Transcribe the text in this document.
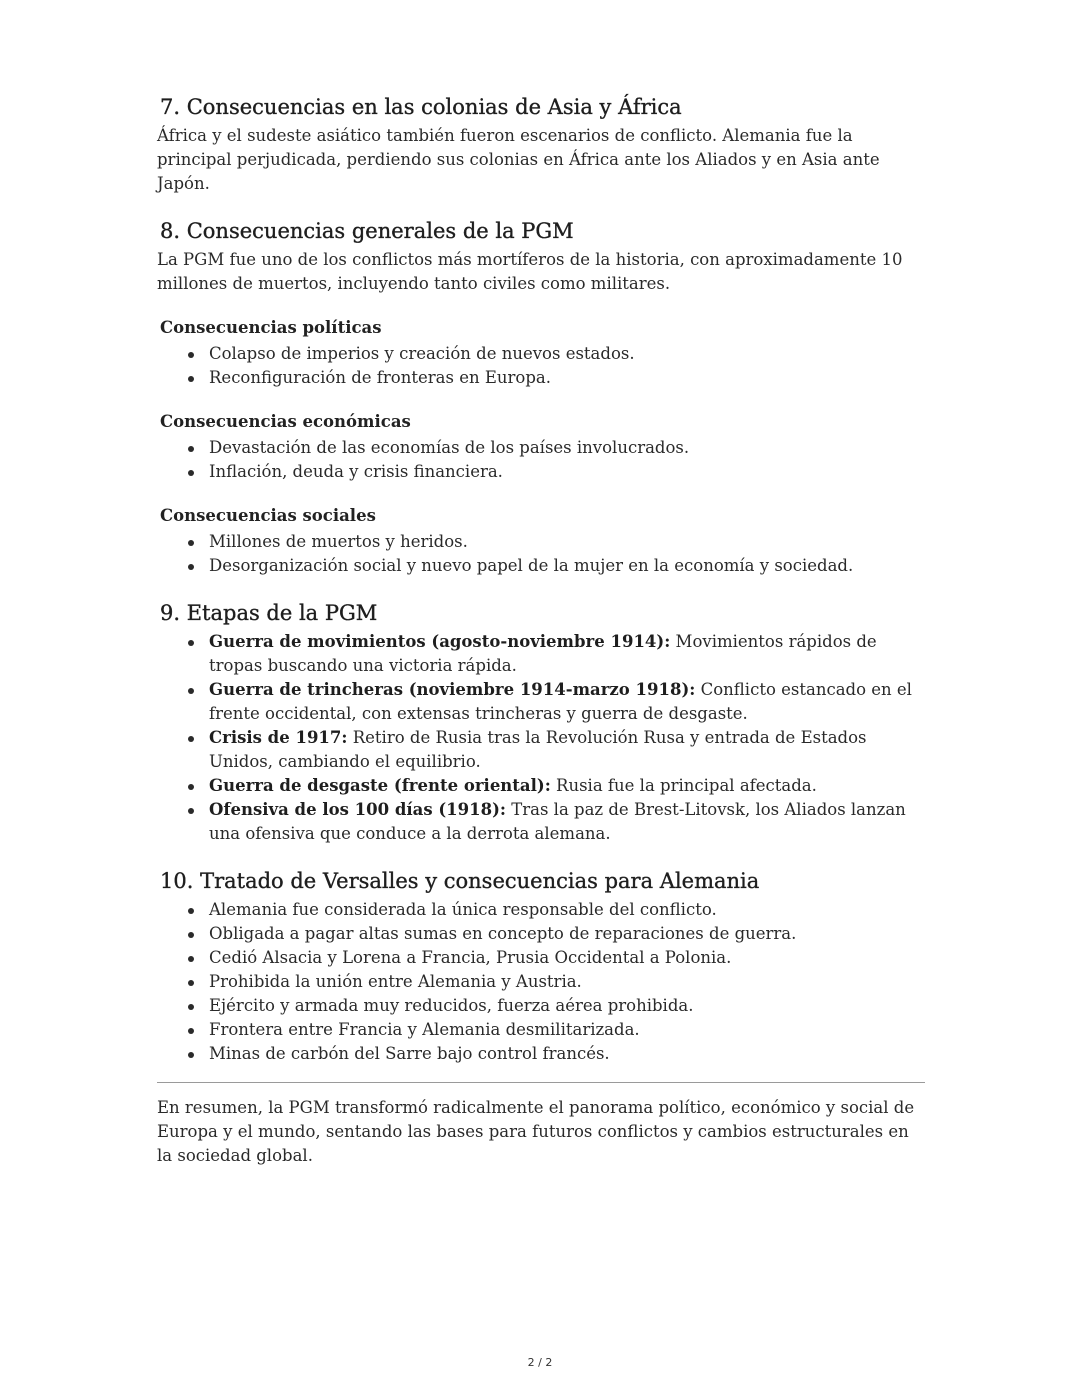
7. Consecuencias en las colonias de Asia y África

África y el sudeste asiático también fueron escenarios de conflicto. Alemania fue la principal perjudicada, perdiendo sus colonias en África ante los Aliados y en Asia ante Japón.

8. Consecuencias generales de la PGM

La PGM fue uno de los conflictos más mortíferos de la historia, con aproximadamente 10 millones de muertos, incluyendo tanto civiles como militares.

Consecuencias políticas
Colapso de imperios y creación de nuevos estados.
Reconfiguración de fronteras en Europa.
Consecuencias económicas
Devastación de las economías de los países involucrados.
Inflación, deuda y crisis financiera.
Consecuencias sociales
Millones de muertos y heridos.
Desorganización social y nuevo papel de la mujer en la economía y sociedad.
9. Etapas de la PGM
Guerra de movimientos (agosto-noviembre 1914): Movimientos rápidos de tropas buscando una victoria rápida.
Guerra de trincheras (noviembre 1914-marzo 1918): Conflicto estancado en el frente occidental, con extensas trincheras y guerra de desgaste.
Crisis de 1917: Retiro de Rusia tras la Revolución Rusa y entrada de Estados Unidos, cambiando el equilibrio.
Guerra de desgaste (frente oriental): Rusia fue la principal afectada.
Ofensiva de los 100 días (1918): Tras la paz de Brest-Litovsk, los Aliados lanzan una ofensiva que conduce a la derrota alemana.
10. Tratado de Versalles y consecuencias para Alemania
Alemania fue considerada la única responsable del conflicto.
Obligada a pagar altas sumas en concepto de reparaciones de guerra.
Cedió Alsacia y Lorena a Francia, Prusia Occidental a Polonia.
Prohibida la unión entre Alemania y Austria.
Ejército y armada muy reducidos, fuerza aérea prohibida.
Frontera entre Francia y Alemania desmilitarizada.
Minas de carbón del Sarre bajo control francés.

En resumen, la PGM transformó radicalmente el panorama político, económico y social de Europa y el mundo, sentando las bases para futuros conflictos y cambios estructurales en la sociedad global.

2 / 2
